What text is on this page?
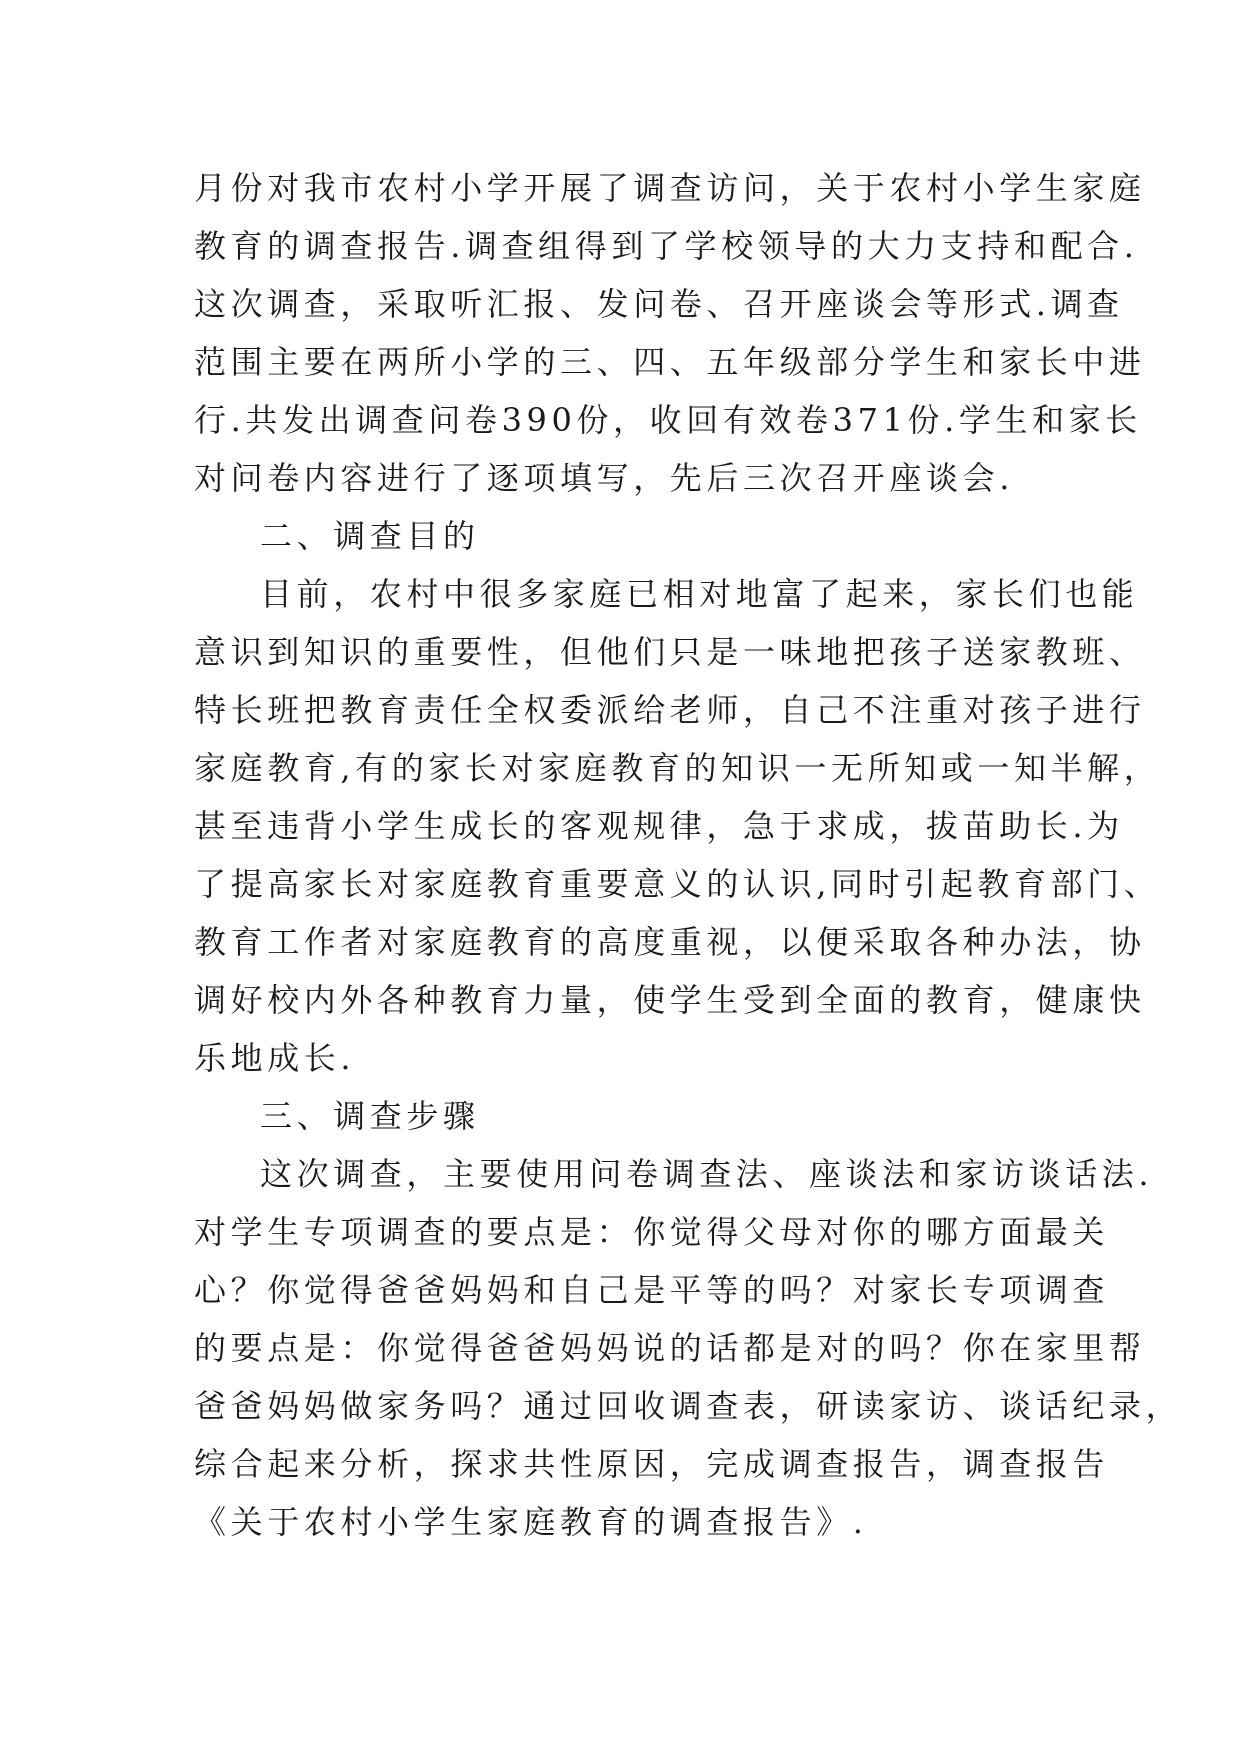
月份对我市农村小学开展了调查访问，关于农村小学生家庭

教育的调查报告.调查组得到了学校领导的大力支持和配合.

这次调查，采取听汇报、发问卷、召开座谈会等形式.调查

范围主要在两所小学的三、四、五年级部分学生和家长中进

行.共发出调查问卷390份，收回有效卷371份.学生和家长

对问卷内容进行了逐项填写，先后三次召开座谈会.

二、调查目的

目前，农村中很多家庭已相对地富了起来，家长们也能

意识到知识的重要性，但他们只是一味地把孩子送家教班、

特长班把教育责任全权委派给老师，自己不注重对孩子进行

家庭教育,有的家长对家庭教育的知识一无所知或一知半解，

甚至违背小学生成长的客观规律，急于求成，拔苗助长.为

了提高家长对家庭教育重要意义的认识,同时引起教育部门、

教育工作者对家庭教育的高度重视，以便采取各种办法，协

调好校内外各种教育力量，使学生受到全面的教育，健康快

乐地成长.

三、调查步骤

这次调查，主要使用问卷调查法、座谈法和家访谈话法.

对学生专项调查的要点是：你觉得父母对你的哪方面最关

心？你觉得爸爸妈妈和自己是平等的吗？对家长专项调查

的要点是：你觉得爸爸妈妈说的话都是对的吗？你在家里帮

爸爸妈妈做家务吗？通过回收调查表，研读家访、谈话纪录，

综合起来分析，探求共性原因，完成调查报告，调查报告

《关于农村小学生家庭教育的调查报告》.
